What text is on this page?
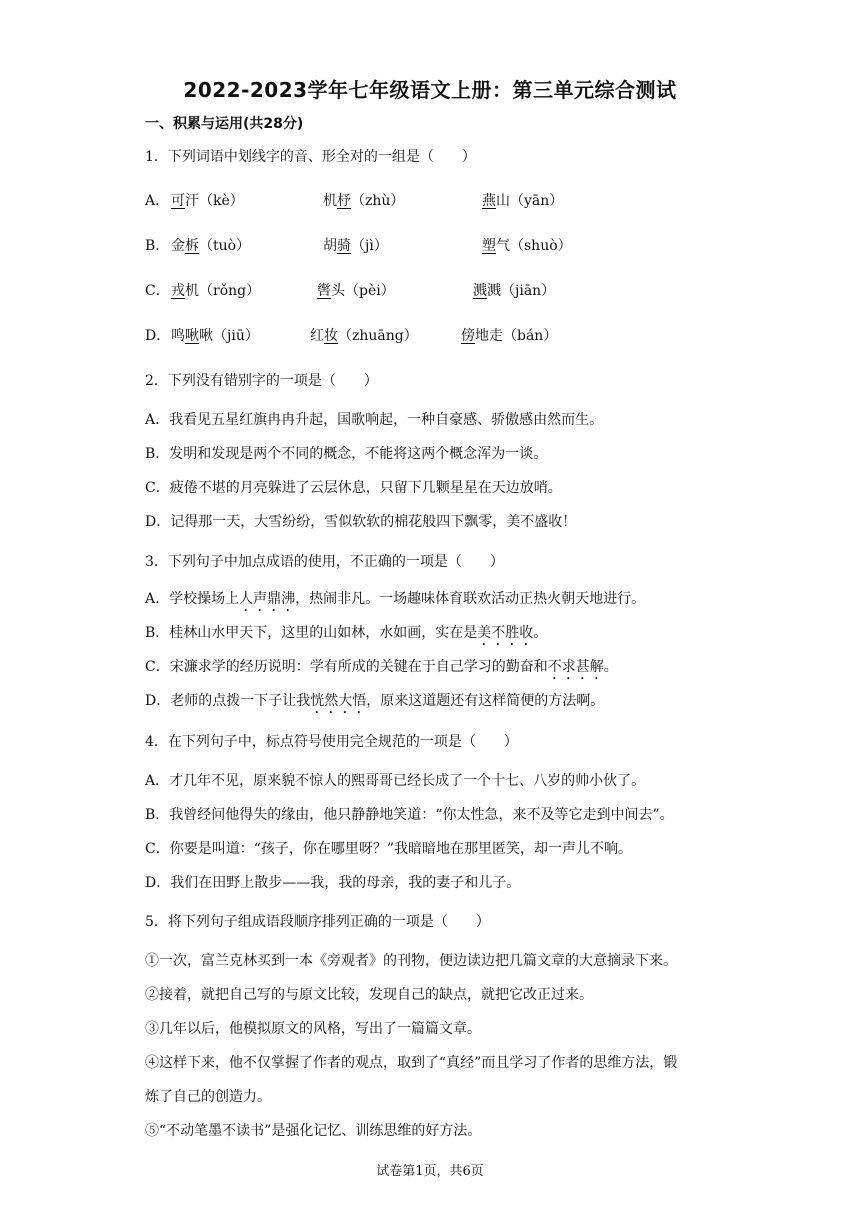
2022-2023学年七年级语文上册：第三单元综合测试
一、积累与运用(共28分)
1．下列词语中划线字的音、形全对的一组是（　　）
A． 可汗（kè）	机杼（zhù）	燕山（yān）
B． 金柝（tuò）	胡骑（jì）	塑气（shuò）
C． 戎机（rǒng）	辔头（pèi）	溅溅（jiān）
D． 鸣啾啾（jiū）	红妆（zhuāng）	傍地走（bán）
2．下列没有错别字的一项是（　　）
A．我看见五星红旗冉冉升起，国歌响起，一种自豪感、骄傲感由然而生。
B．发明和发现是两个不同的概念，不能将这两个概念浑为一谈。
C．疲倦不堪的月亮躲进了云层休息，只留下几颗星星在天边放哨。
D．记得那一天，大雪纷纷，雪似软软的棉花般四下飘零，美不盛收！
3．下列句子中加点成语的使用，不正确的一项是（　　）
A．学校操场上人声鼎沸，热闹非凡。一场趣味体育联欢活动正热火朝天地进行。
B．桂林山水甲天下，这里的山如林，水如画，实在是美不胜收。
C．宋濂求学的经历说明：学有所成的关键在于自己学习的勤奋和不求甚解。
D．老师的点拨一下子让我恍然大悟，原来这道题还有这样简便的方法啊。
4．在下列句子中，标点符号使用完全规范的一项是（　　）
A．才几年不见，原来貌不惊人的熙哥哥已经长成了一个十七、八岁的帅小伙了。
B．我曾经问他得失的缘由，他只静静地笑道：“你太性急，来不及等它走到中间去”。
C．你要是叫道：“孩子，你在哪里呀？”我暗暗地在那里匿笑，却一声儿不响。
D．我们在田野上散步——我，我的母亲，我的妻子和儿子。
5．将下列句子组成语段顺序排列正确的一项是（　　）
①一次，富兰克林买到一本《旁观者》的刊物，便边读边把几篇文章的大意摘录下来。
②接着，就把自己写的与原文比较，发现自己的缺点，就把它改正过来。
③几年以后，他模拟原文的风格，写出了一篇篇文章。
④这样下来，他不仅掌握了作者的观点，取到了“真经”而且学习了作者的思维方法，锻
炼了自己的创造力。
⑤“不动笔墨不读书”是强化记忆、训练思维的好方法。
试卷第1页，共6页
